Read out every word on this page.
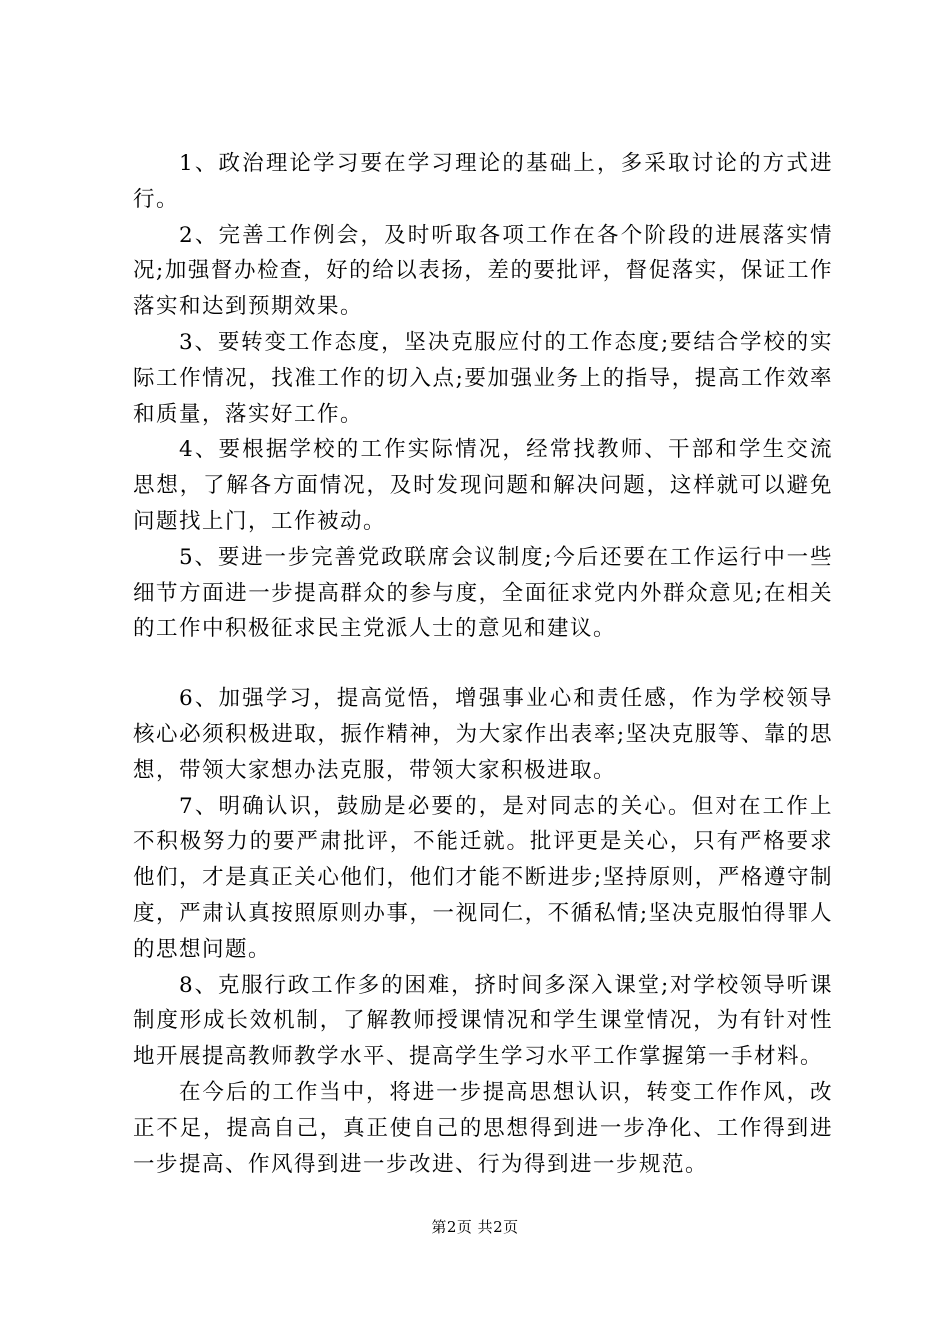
1、政治理论学习要在学习理论的基础上，多采取讨论的方式进行。

2、完善工作例会，及时听取各项工作在各个阶段的进展落实情况;加强督办检查，好的给以表扬，差的要批评，督促落实，保证工作落实和达到预期效果。

3、要转变工作态度，坚决克服应付的工作态度;要结合学校的实际工作情况，找准工作的切入点;要加强业务上的指导，提高工作效率和质量，落实好工作。

4、要根据学校的工作实际情况，经常找教师、干部和学生交流思想，了解各方面情况，及时发现问题和解决问题，这样就可以避免问题找上门，工作被动。

5、要进一步完善党政联席会议制度;今后还要在工作运行中一些细节方面进一步提高群众的参与度，全面征求党内外群众意见;在相关的工作中积极征求民主党派人士的意见和建议。

6、加强学习，提高觉悟，增强事业心和责任感，作为学校领导核心必须积极进取，振作精神，为大家作出表率;坚决克服等、靠的思想，带领大家想办法克服，带领大家积极进取。

7、明确认识，鼓励是必要的，是对同志的关心。但对在工作上不积极努力的要严肃批评，不能迁就。批评更是关心，只有严格要求他们，才是真正关心他们，他们才能不断进步;坚持原则，严格遵守制度，严肃认真按照原则办事，一视同仁，不循私情;坚决克服怕得罪人的思想问题。

8、克服行政工作多的困难，挤时间多深入课堂;对学校领导听课制度形成长效机制，了解教师授课情况和学生课堂情况，为有针对性地开展提高教师教学水平、提高学生学习水平工作掌握第一手材料。

在今后的工作当中，将进一步提高思想认识，转变工作作风，改正不足，提高自己，真正使自己的思想得到进一步净化、工作得到进一步提高、作风得到进一步改进、行为得到进一步规范。

第2页 共2页
